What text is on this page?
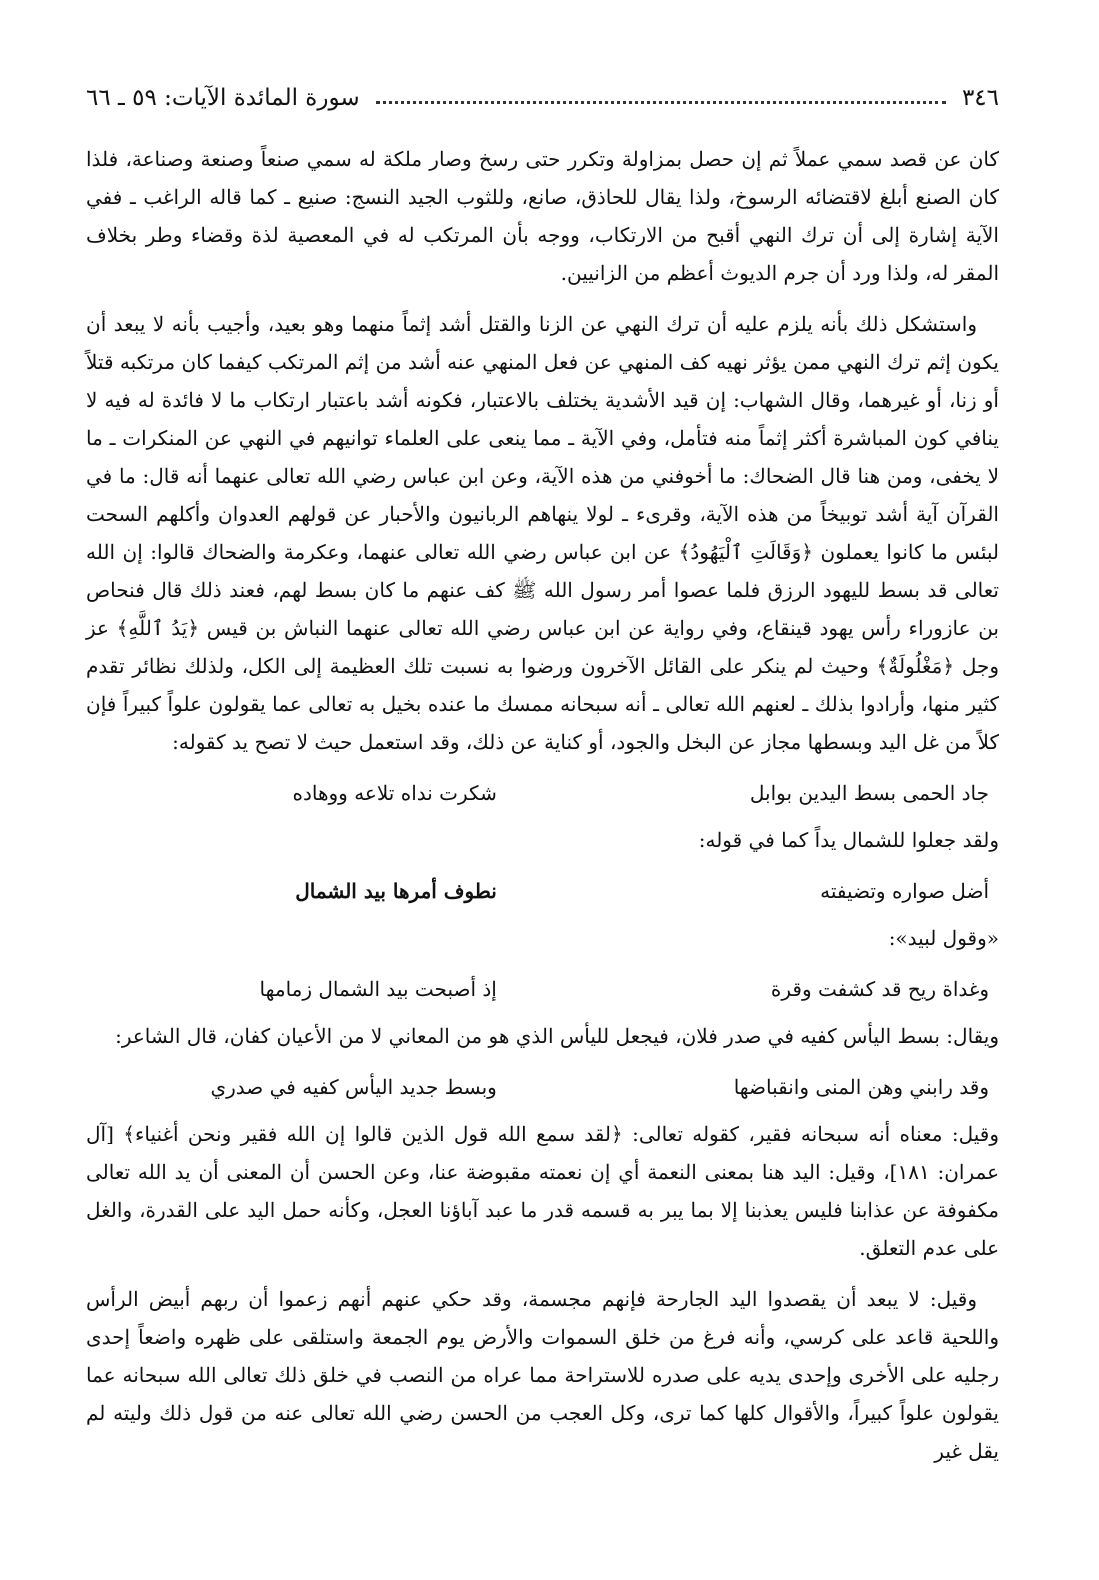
٣٤٦
سورة المائدة الآيات: ٥٩ ـ ٦٦

كان عن قصد سمي عملاً ثم إن حصل بمزاولة وتكرر حتى رسخ وصار ملكة له سمي صنعاً وصنعة وصناعة، فلذا كان الصنع أبلغ لاقتضائه الرسوخ، ولذا يقال للحاذق، صانع، وللثوب الجيد النسج: صنيع ـ كما قاله الراغب ـ ففي الآية إشارة إلى أن ترك النهي أقبح من الارتكاب، ووجه بأن المرتكب له في المعصية لذة وقضاء وطر بخلاف المقر له، ولذا ورد أن جرم الديوث أعظم من الزانيين.

واستشكل ذلك بأنه يلزم عليه أن ترك النهي عن الزنا والقتل أشد إثماً منهما وهو بعيد، وأجيب بأنه لا يبعد أن يكون إثم ترك النهي ممن يؤثر نهيه كف المنهي عن فعل المنهي عنه أشد من إثم المرتكب كيفما كان مرتكبه قتلاً أو زنا، أو غيرهما، وقال الشهاب: إن قيد الأشدية يختلف بالاعتبار، فكونه أشد باعتبار ارتكاب ما لا فائدة له فيه لا ينافي كون المباشرة أكثر إثماً منه فتأمل، وفي الآية ـ مما ينعى على العلماء توانيهم في النهي عن المنكرات ـ ما لا يخفى، ومن هنا قال الضحاك: ما أخوفني من هذه الآية، وعن ابن عباس رضي الله تعالى عنهما أنه قال: ما في القرآن آية أشد توبيخاً من هذه الآية، وقرىء ـ لولا ينهاهم الربانيون والأحبار عن قولهم العدوان وأكلهم السحت لبئس ما كانوا يعملون ﴿وَقَالَتِ ٱلْيَهُودُ﴾ عن ابن عباس رضي الله تعالى عنهما، وعكرمة والضحاك قالوا: إن الله تعالى قد بسط لليهود الرزق فلما عصوا أمر رسول الله ﷺ كف عنهم ما كان بسط لهم، فعند ذلك قال فنحاص بن عازوراء رأس يهود قينقاع، وفي رواية عن ابن عباس رضي الله تعالى عنهما النباش بن قيس ﴿يَدُ ٱللَّهِ﴾ عز وجل ﴿مَغْلُولَةٌ﴾ وحيث لم ينكر على القائل الآخرون ورضوا به نسبت تلك العظيمة إلى الكل، ولذلك نظائر تقدم كثير منها، وأرادوا بذلك ـ لعنهم الله تعالى ـ أنه سبحانه ممسك ما عنده بخيل به تعالى عما يقولون علواً كبيراً فإن كلاً من غل اليد وبسطها مجاز عن البخل والجود، أو كناية عن ذلك، وقد استعمل حيث لا تصح يد كقوله:

جاد الحمى بسط اليدين بوابل
شكرت نداه تلاعه ووهاده

ولقد جعلوا للشمال يداً كما في قوله:

أضل صواره وتضيفته
نطوف أمرها بيد الشمال

«وقول لبيد»:

وغداة ريح قد كشفت وقرة
إذ أصبحت بيد الشمال زمامها

ويقال: بسط اليأس كفيه في صدر فلان، فيجعل لليأس الذي هو من المعاني لا من الأعيان كفان، قال الشاعر:

وقد رابني وهن المنى وانقباضها
وبسط جديد اليأس كفيه في صدري

وقيل: معناه أنه سبحانه فقير، كقوله تعالى: ﴿لقد سمع الله قول الذين قالوا إن الله فقير ونحن أغنياء﴾ [آل عمران: ١٨١]، وقيل: اليد هنا بمعنى النعمة أي إن نعمته مقبوضة عنا، وعن الحسن أن المعنى أن يد الله تعالى مكفوفة عن عذابنا فليس يعذبنا إلا بما يبر به قسمه قدر ما عبد آباؤنا العجل، وكأنه حمل اليد على القدرة، والغل على عدم التعلق.

وقيل: لا يبعد أن يقصدوا اليد الجارحة فإنهم مجسمة، وقد حكي عنهم أنهم زعموا أن ربهم أبيض الرأس واللحية قاعد على كرسي، وأنه فرغ من خلق السموات والأرض يوم الجمعة واستلقى على ظهره واضعاً إحدى رجليه على الأخرى وإحدى يديه على صدره للاستراحة مما عراه من النصب في خلق ذلك تعالى الله سبحانه عما يقولون علواً كبيراً، والأقوال كلها كما ترى، وكل العجب من الحسن رضي الله تعالى عنه من قول ذلك وليته لم يقل غير
